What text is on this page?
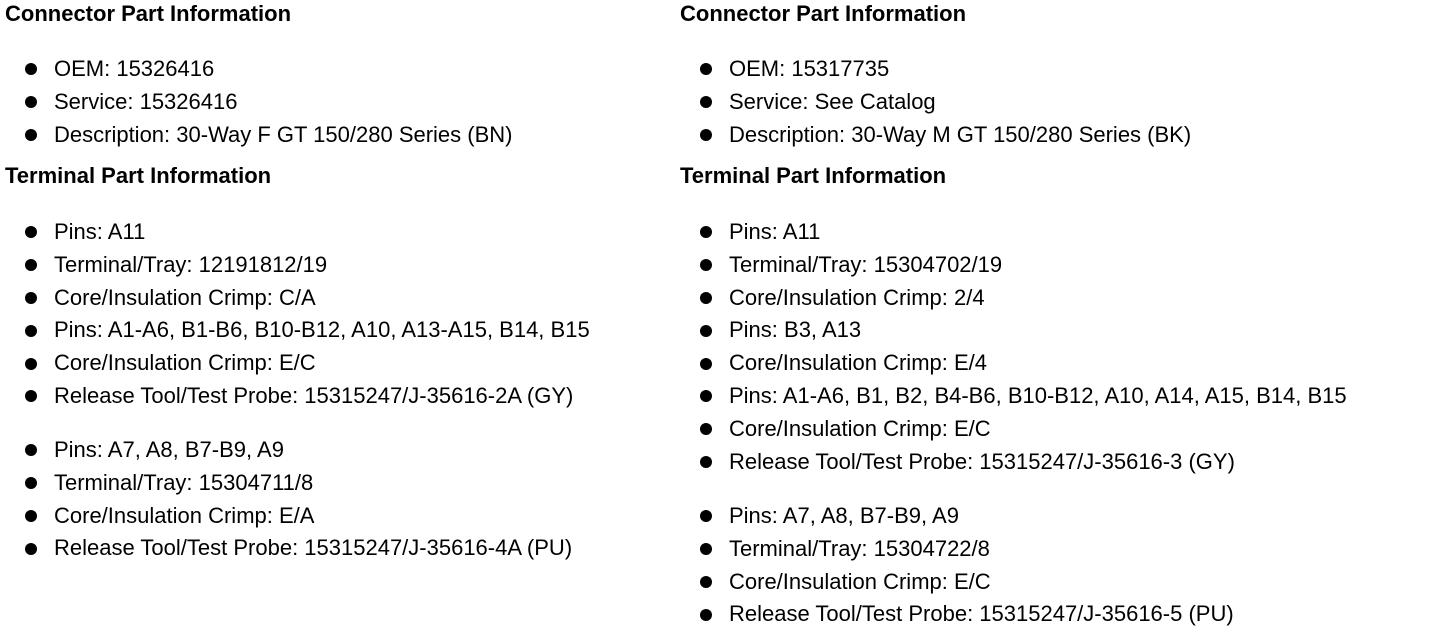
Connector Part Information
OEM: 15326416
Service: 15326416
Description: 30-Way F GT 150/280 Series (BN)
Terminal Part Information
Pins: A11
Terminal/Tray: 12191812/19
Core/Insulation Crimp: C/A
Pins: A1-A6, B1-B6, B10-B12, A10, A13-A15, B14, B15
Core/Insulation Crimp: E/C
Release Tool/Test Probe: 15315247/J-35616-2A (GY)
Pins: A7, A8, B7-B9, A9
Terminal/Tray: 15304711/8
Core/Insulation Crimp: E/A
Release Tool/Test Probe: 15315247/J-35616-4A (PU)
Connector Part Information
OEM: 15317735
Service: See Catalog
Description: 30-Way M GT 150/280 Series (BK)
Terminal Part Information
Pins: A11
Terminal/Tray: 15304702/19
Core/Insulation Crimp: 2/4
Pins: B3, A13
Core/Insulation Crimp: E/4
Pins: A1-A6, B1, B2, B4-B6, B10-B12, A10, A14, A15, B14, B15
Core/Insulation Crimp: E/C
Release Tool/Test Probe: 15315247/J-35616-3 (GY)
Pins: A7, A8, B7-B9, A9
Terminal/Tray: 15304722/8
Core/Insulation Crimp: E/C
Release Tool/Test Probe: 15315247/J-35616-5 (PU)
